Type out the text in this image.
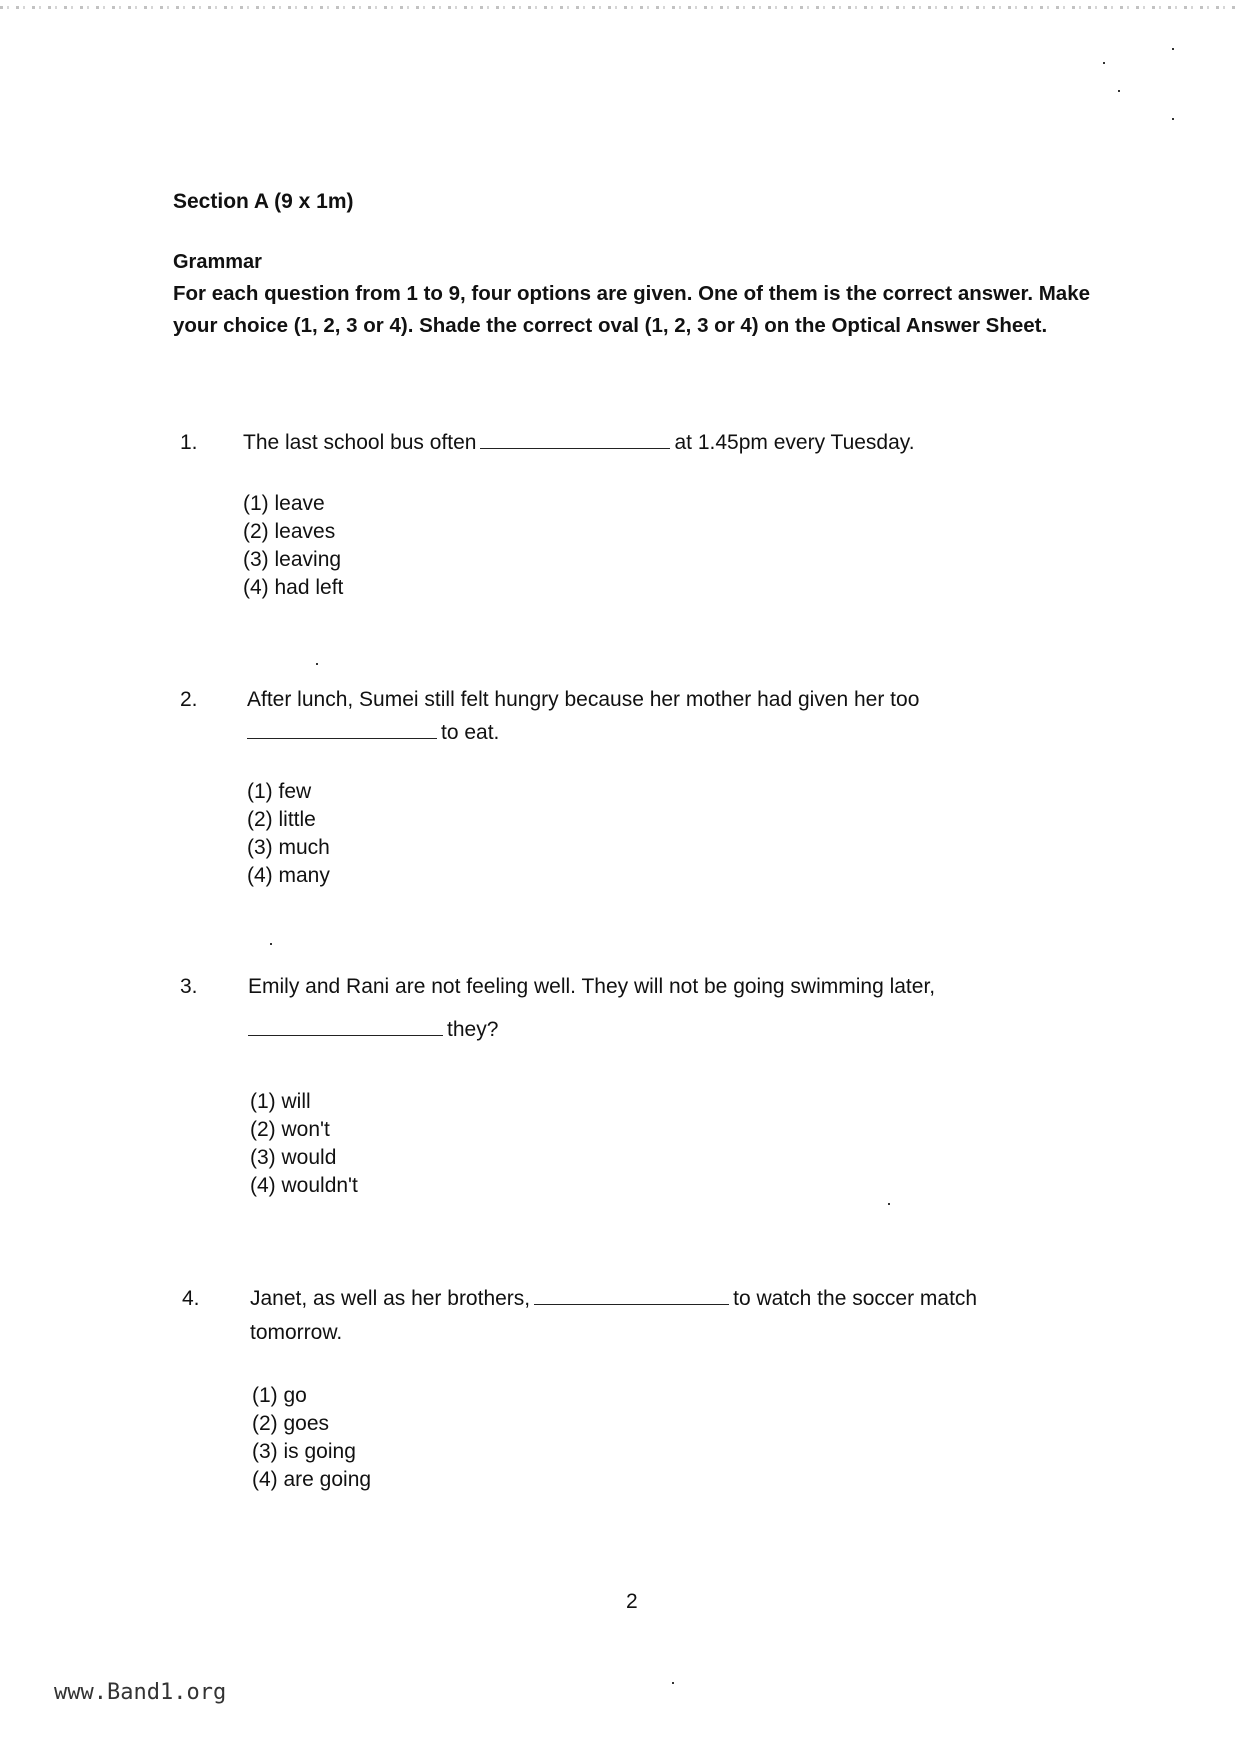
Section A (9 x 1m)
Grammar
For each question from 1 to 9, four options are given. One of them is the correct answer. Make your choice (1, 2, 3 or 4). Shade the correct oval (1, 2, 3 or 4) on the Optical Answer Sheet.
1. The last school bus often	at 1.45pm every Tuesday.
(1) leave
(2) leaves
(3) leaving
(4) had left
2. After lunch, Sumei still felt hungry because her mother had given her too
to eat.
(1) few
(2) little
(3) much
(4) many
3. Emily and Rani are not feeling well. They will not be going swimming later,
they?
(1) will
(2) won't
(3) would
(4) wouldn't
4. Janet, as well as her brothers,	to watch the soccer match
tomorrow.
(1) go
(2) goes
(3) is going
(4) are going
2
www.Band1.org
